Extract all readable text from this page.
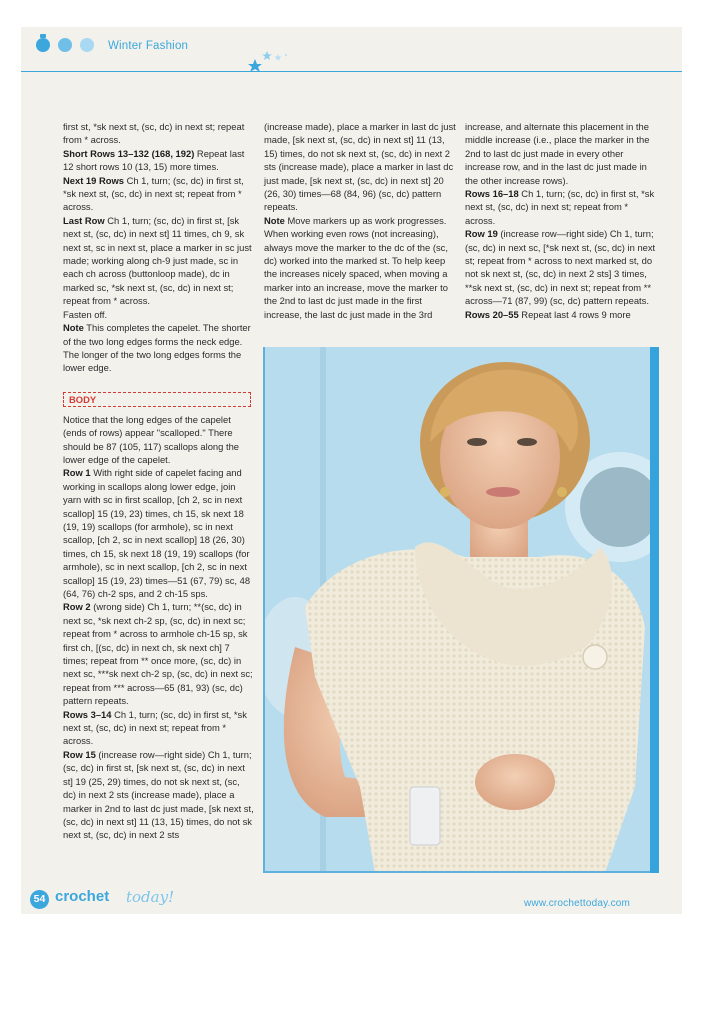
Winter Fashion

first st, *sk next st, (sc, dc) in next st; repeat from * across.

Short Rows 13–132 (168, 192) Repeat last 12 short rows 10 (13, 15) more times.

Next 19 Rows Ch 1, turn; (sc, dc) in first st, *sk next st, (sc, dc) in next st; repeat from * across.

Last Row Ch 1, turn; (sc, dc) in first st, [sk next st, (sc, dc) in next st] 11 times, ch 9, sk next st, sc in next st, place a marker in sc just made; working along ch-9 just made, sc in each ch across (buttonloop made), dc in marked sc, *sk next st, (sc, dc) in next st; repeat from * across.

Fasten off.

Note This completes the capelet. The shorter of the two long edges forms the neck edge. The longer of the two long edges forms the lower edge.

BODY

Notice that the long edges of the capelet (ends of rows) appear "scalloped." There should be 87 (105, 117) scallops along the lower edge of the capelet.

Row 1 With right side of capelet facing and working in scallops along lower edge, join yarn with sc in first scallop, [ch 2, sc in next scallop] 15 (19, 23) times, ch 15, sk next 18 (19, 19) scallops (for armhole), sc in next scallop, [ch 2, sc in next scallop] 18 (26, 30) times, ch 15, sk next 18 (19, 19) scallops (for armhole), sc in next scallop, [ch 2, sc in next scallop] 15 (19, 23) times—51 (67, 79) sc, 48 (64, 76) ch-2 sps, and 2 ch-15 sps.

Row 2 (wrong side) Ch 1, turn; **(sc, dc) in next sc, *sk next ch-2 sp, (sc, dc) in next sc; repeat from * across to armhole ch-15 sp, sk first ch, [(sc, dc) in next ch, sk next ch] 7 times; repeat from ** once more, (sc, dc) in next sc, ***sk next ch-2 sp, (sc, dc) in next sc; repeat from *** across—65 (81, 93) (sc, dc) pattern repeats.

Rows 3–14 Ch 1, turn; (sc, dc) in first st, *sk next st, (sc, dc) in next st; repeat from * across.

Row 15 (increase row—right side) Ch 1, turn; (sc, dc) in first st, [sk next st, (sc, dc) in next st] 19 (25, 29) times, do not sk next st, (sc, dc) in next 2 sts (increase made), place a marker in 2nd to last dc just made, [sk next st, (sc, dc) in next st] 11 (13, 15) times, do not sk next st, (sc, dc) in next 2 sts

(increase made), place a marker in last dc just made, [sk next st, (sc, dc) in next st] 11 (13, 15) times, do not sk next st, (sc, dc) in next 2 sts (increase made), place a marker in last dc just made, [sk next st, (sc, dc) in next st] 20 (26, 30) times—68 (84, 96) (sc, dc) pattern repeats.

Note Move markers up as work progresses. When working even rows (not increasing), always move the marker to the dc of the (sc, dc) worked into the marked st. To help keep the increases nicely spaced, when moving a marker into an increase, move the marker to the 2nd to last dc just made in the first increase, the last dc just made in the 3rd

increase, and alternate this placement in the middle increase (i.e., place the marker in the 2nd to last dc just made in every other increase row, and in the last dc just made in the other increase rows).

Rows 16–18 Ch 1, turn; (sc, dc) in first st, *sk next st, (sc, dc) in next st; repeat from * across.

Row 19 (increase row—right side) Ch 1, turn; (sc, dc) in next sc, [*sk next st, (sc, dc) in next st; repeat from * across to next marked st, do not sk next st, (sc, dc) in next 2 sts] 3 times, **sk next st, (sc, dc) in next st; repeat from ** across—71 (87, 99) (sc, dc) pattern repeats.

Rows 20–55 Repeat last 4 rows 9 more

54 crochet today!	www.crochettoday.com
